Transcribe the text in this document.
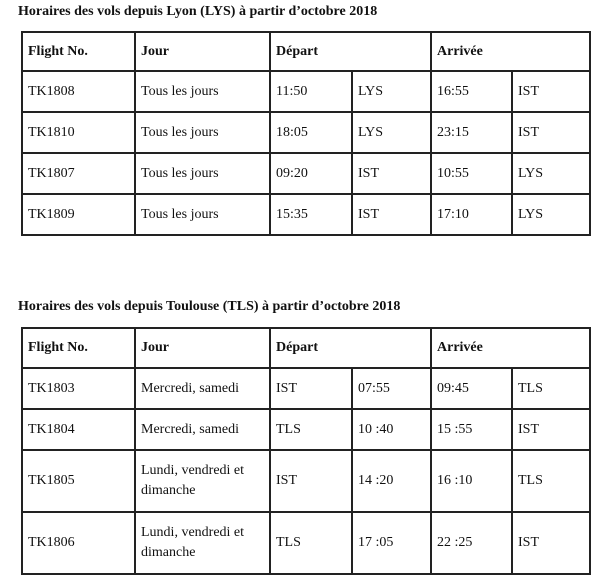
Horaires des vols depuis Lyon (LYS) à partir d’octobre 2018
Flight No.	Jour	Départ		Arrivée	
TK1808	Tous les jours	11:50	LYS	16:55	IST
TK1810	Tous les jours	18:05	LYS	23:15	IST
TK1807	Tous les jours	09:20	IST	10:55	LYS
TK1809	Tous les jours	15:35	IST	17:10	LYS
Horaires des vols depuis Toulouse (TLS) à partir d’octobre 2018
Flight No.	Jour	Départ		Arrivée	
TK1803	Mercredi, samedi	IST	07:55	09:45	TLS
TK1804	Mercredi, samedi	TLS	10 :40	15 :55	IST
TK1805	Lundi, vendredi et dimanche	IST	14 :20	16 :10	TLS
TK1806	Lundi, vendredi et dimanche	TLS	17 :05	22 :25	IST
